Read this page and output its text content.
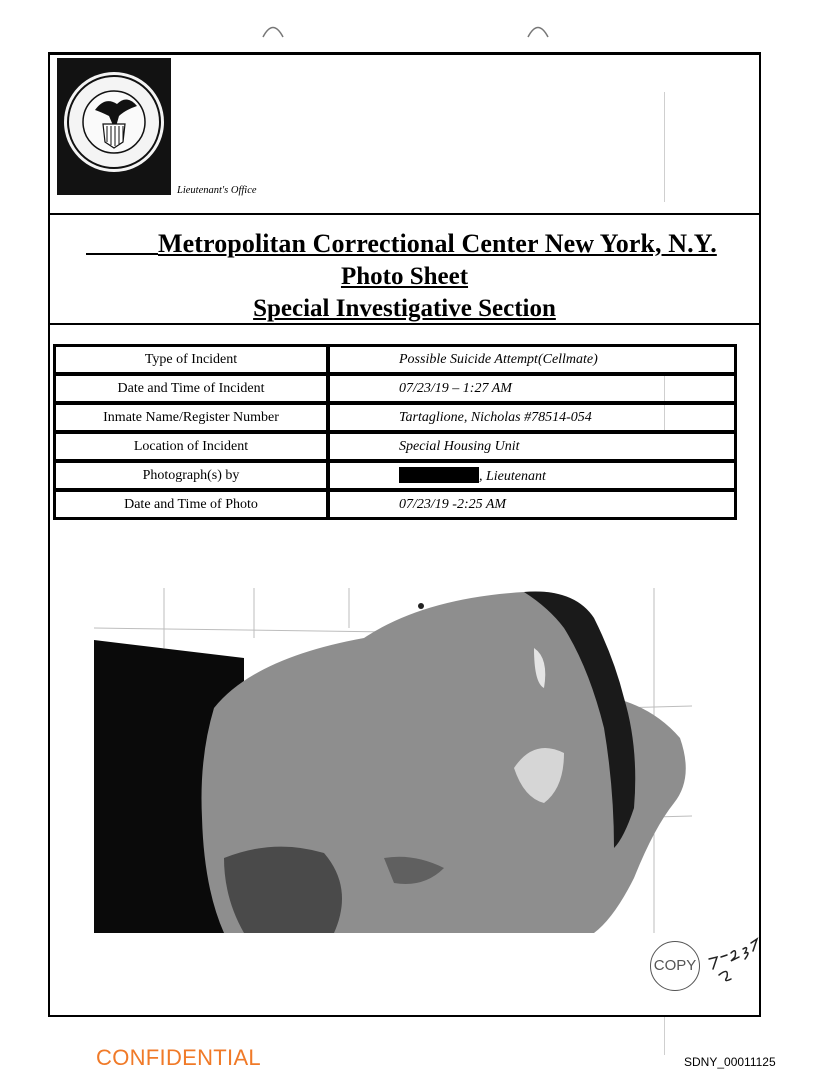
Lieutenant's Office
Metropolitan Correctional Center New York, N.Y.
Photo Sheet
Special Investigative Section
Type of Incident	Possible Suicide Attempt(Cellmate)
Date and Time of Incident	07/23/19 – 1:27 AM
Inmate Name/Register Number	Tartaglione, Nicholas #78514-054
Location of Incident	Special Housing Unit
Photograph(s) by	, Lieutenant
Date and Time of Photo	07/23/19 -2:25 AM
COPY
CONFIDENTIAL	SDNY_00011125
